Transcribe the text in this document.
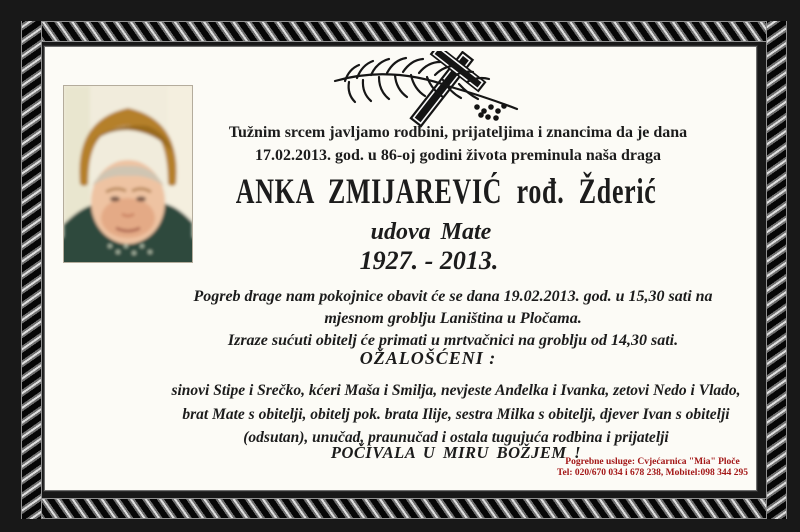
Tužnim srcem javljamo rodbini, prijateljima i znancima da je dana
17.02.2013. god. u 86-oj godini života preminula naša draga
ANKA ZMIJAREVIĆ rođ. Žderić
udova Mate
1927. - 2013.
Pogreb drage nam pokojnice obavit će se dana 19.02.2013. god. u 15,30 sati na
mjesnom groblju Laniština u Pločama.
Izraze sućuti obitelj će primati u mrtvačnici na groblju od 14,30 sati.
OŽALOŠĆENI :
sinovi Stipe i Srečko, kćeri Maša i Smilja, nevjeste Anđelka i Ivanka, zetovi Nedo i Vlado,
brat Mate s obitelji, obitelj pok. brata Ilije, sestra Milka s obitelji, djever Ivan s obitelji
(odsutan), unučad, praunučad i ostala tugujuća rodbina i prijatelji
POČIVALA U MIRU BOŽJEM !
Pogrebne usluge: Cvjećarnica "Mia" Ploče
Tel: 020/670 034 i 678 238, Mobitel:098 344 295
